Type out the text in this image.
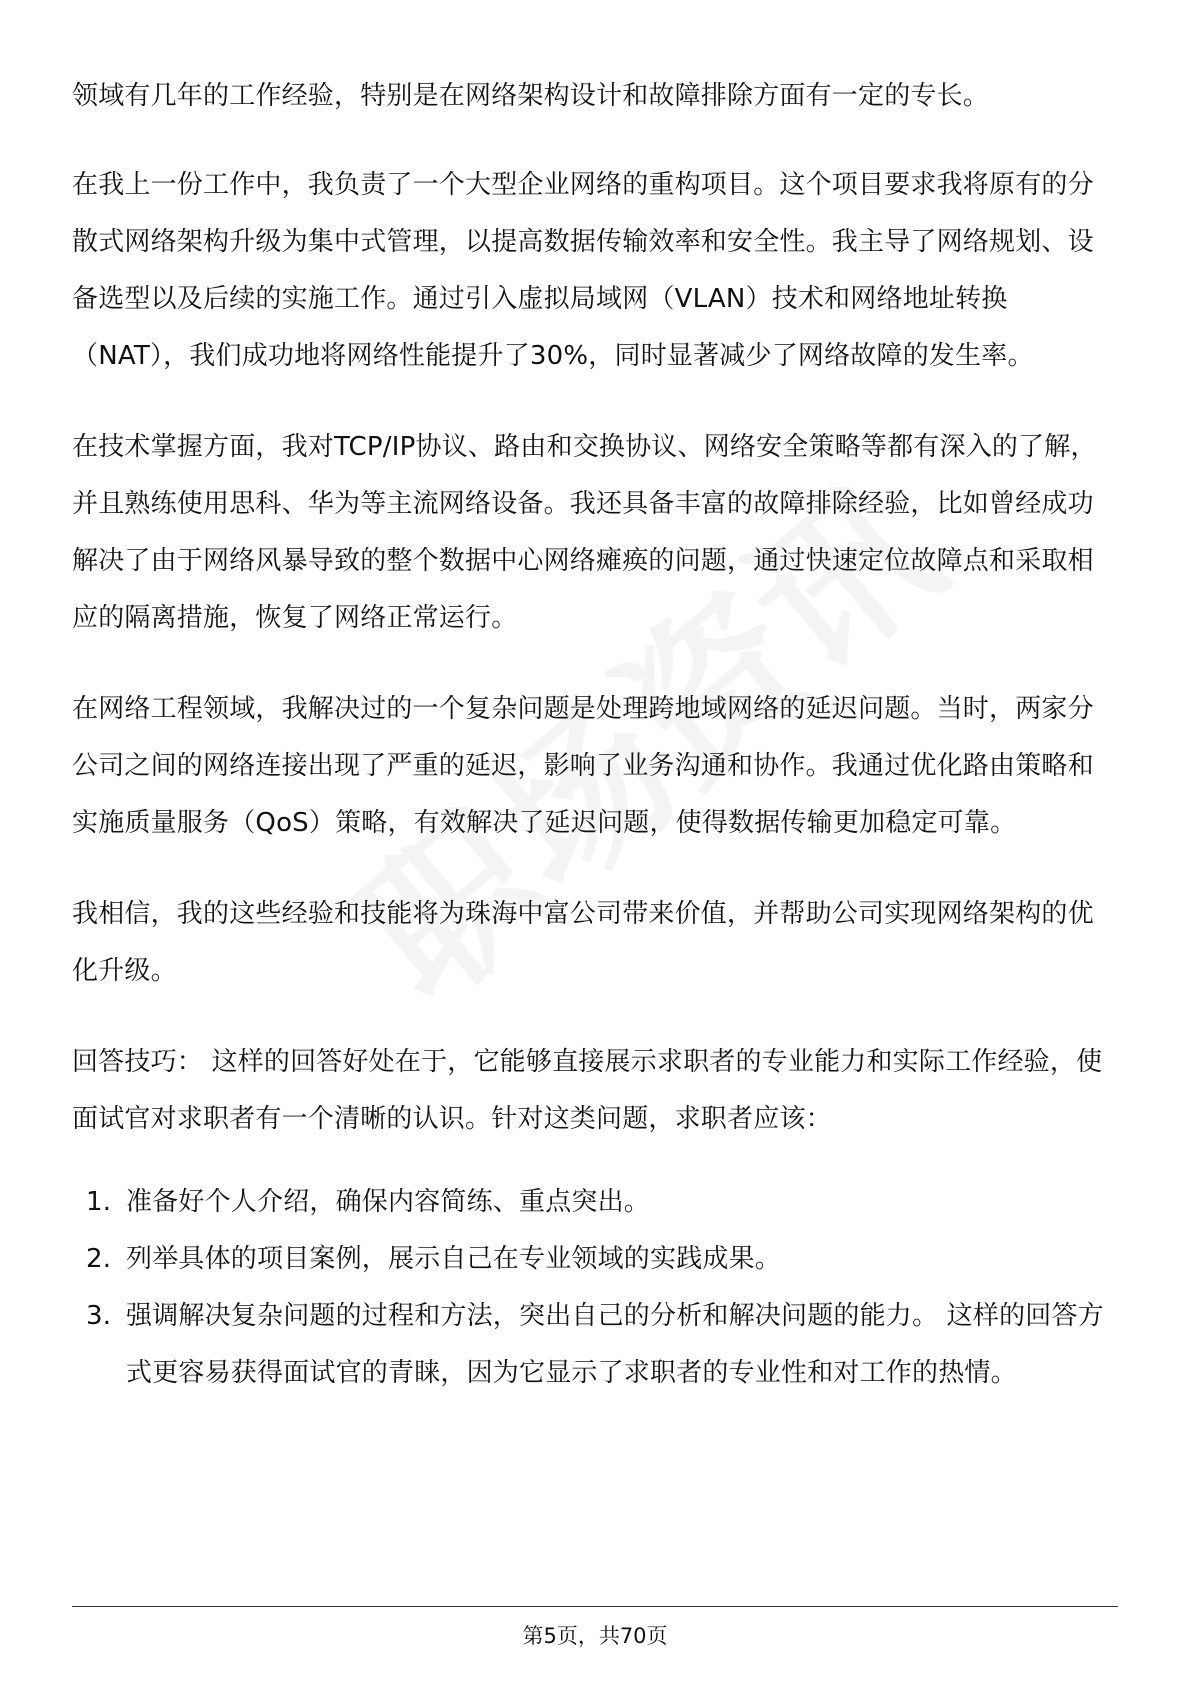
领域有几年的工作经验，特别是在网络架构设计和故障排除方面有一定的专长。

在我上一份工作中，我负责了一个大型企业网络的重构项目。这个项目要求我将原有的分散式网络架构升级为集中式管理，以提高数据传输效率和安全性。我主导了网络规划、设备选型以及后续的实施工作。通过引入虚拟局域网（VLAN）技术和网络地址转换（NAT），我们成功地将网络性能提升了30%，同时显著减少了网络故障的发生率。

在技术掌握方面，我对TCP/IP协议、路由和交换协议、网络安全策略等都有深入的了解，并且熟练使用思科、华为等主流网络设备。我还具备丰富的故障排除经验，比如曾经成功解决了由于网络风暴导致的整个数据中心网络瘫痪的问题，通过快速定位故障点和采取相应的隔离措施，恢复了网络正常运行。

在网络工程领域，我解决过的一个复杂问题是处理跨地域网络的延迟问题。当时，两家分公司之间的网络连接出现了严重的延迟，影响了业务沟通和协作。我通过优化路由策略和实施质量服务（QoS）策略，有效解决了延迟问题，使得数据传输更加稳定可靠。

我相信，我的这些经验和技能将为珠海中富公司带来价值，并帮助公司实现网络架构的优化升级。

回答技巧： 这样的回答好处在于，它能够直接展示求职者的专业能力和实际工作经验，使面试官对求职者有一个清晰的认识。针对这类问题，求职者应该：

1. 准备好个人介绍，确保内容简练、重点突出。
2. 列举具体的项目案例，展示自己在专业领域的实践成果。
3. 强调解决复杂问题的过程和方法，突出自己的分析和解决问题的能力。 这样的回答方式更容易获得面试官的青睐，因为它显示了求职者的专业性和对工作的热情。
第5页，共70页
